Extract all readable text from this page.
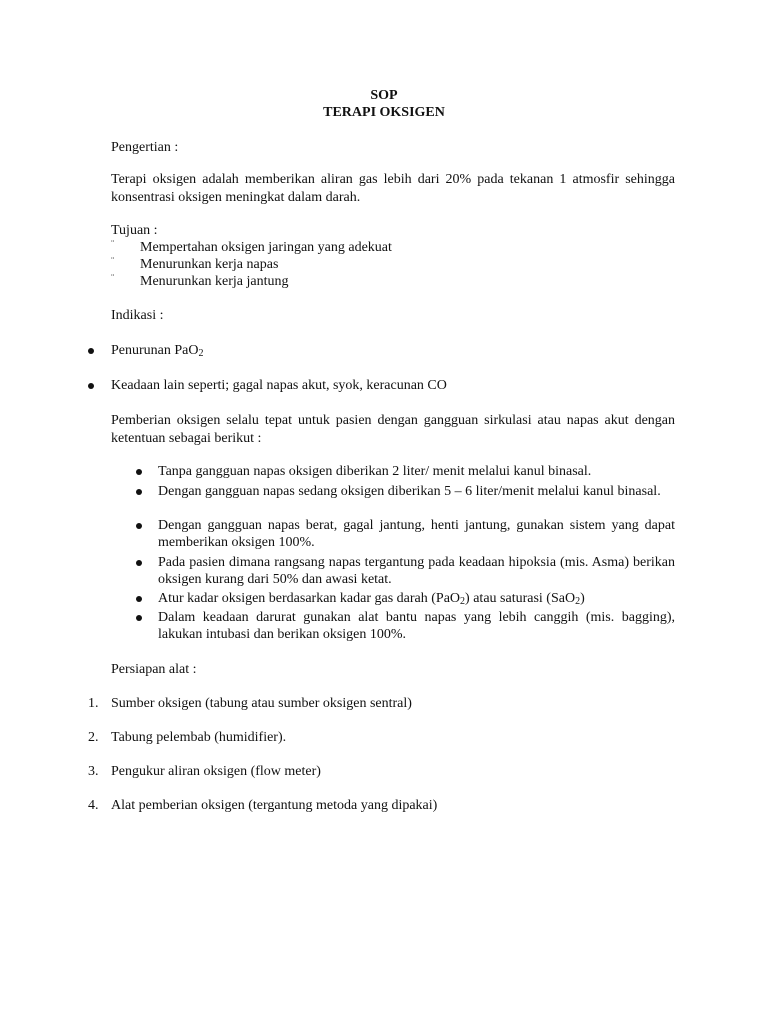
SOP
TERAPI OKSIGEN
Pengertian :
Terapi oksigen adalah memberikan aliran gas lebih dari 20% pada tekanan 1 atmosfir sehingga konsentrasi oksigen meningkat dalam darah.
Tujuan :
¨ Mempertahan oksigen jaringan yang adekuat
¨ Menurunkan kerja napas
¨ Menurunkan kerja jantung
Indikasi :
Penurunan PaO$_2$
Keadaan lain seperti; gagal napas akut, syok, keracunan CO
Pemberian oksigen selalu tepat untuk pasien dengan gangguan sirkulasi atau napas akut dengan ketentuan sebagai berikut :
Tanpa gangguan napas oksigen diberikan 2 liter/ menit melalui kanul binasal.
Dengan gangguan napas sedang oksigen diberikan 5 – 6 liter/menit melalui kanul binasal.
Dengan gangguan napas berat, gagal jantung, henti jantung, gunakan sistem yang dapat memberikan oksigen 100%.
Pada pasien dimana rangsang napas tergantung pada keadaan hipoksia (mis. Asma) berikan oksigen kurang dari 50% dan awasi ketat.
Atur kadar oksigen berdasarkan kadar gas darah (PaO$_2$) atau saturasi (SaO$_2$)
Dalam keadaan darurat gunakan alat bantu napas yang lebih canggih (mis. bagging), lakukan intubasi dan berikan oksigen 100%.
Persiapan alat :
1. Sumber oksigen (tabung atau sumber oksigen sentral)
2. Tabung pelembab (humidifier).
3. Pengukur aliran oksigen (flow meter)
4. Alat pemberian oksigen (tergantung metoda yang dipakai)
